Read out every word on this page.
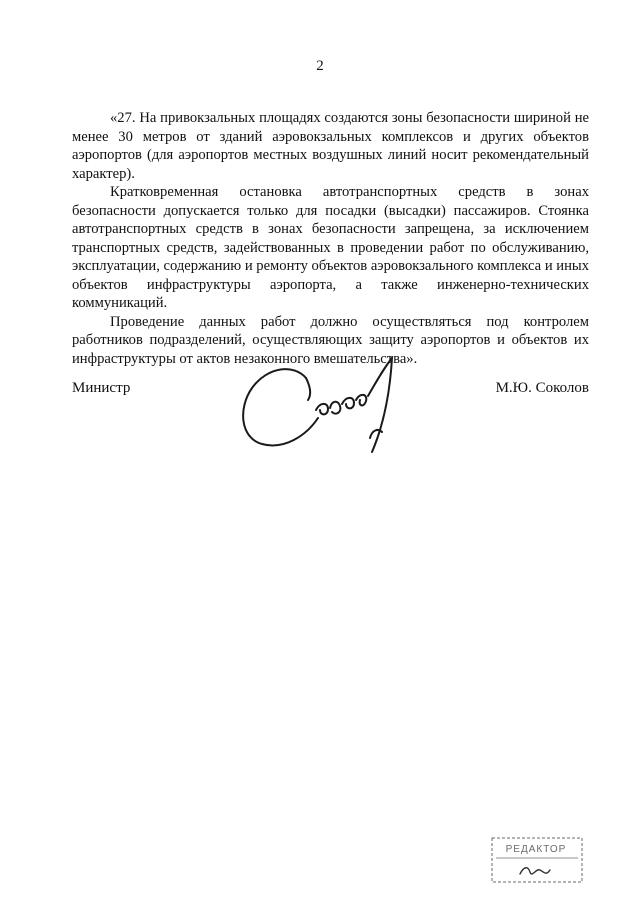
2

«27. На привокзальных площадях создаются зоны безопасности шириной не менее 30 метров от зданий аэровокзальных комплексов и других объектов аэропортов (для аэропортов местных воздушных линий носит рекомендательный характер).

Кратковременная остановка автотранспортных средств в зонах безопасности допускается только для посадки (высадки) пассажиров. Стоянка автотранспортных средств в зонах безопасности запрещена, за исключением транспортных средств, задействованных в проведении работ по обслуживанию, эксплуатации, содержанию и ремонту объектов аэровокзального комплекса и иных объектов инфраструктуры аэропорта, а также инженерно-технических коммуникаций.

Проведение данных работ должно осуществляться под контролем работников подразделений, осуществляющих защиту аэропортов и объектов их инфраструктуры от актов незаконного вмешательства».

Министр	М.Ю. Соколов
РЕДАКТОР
